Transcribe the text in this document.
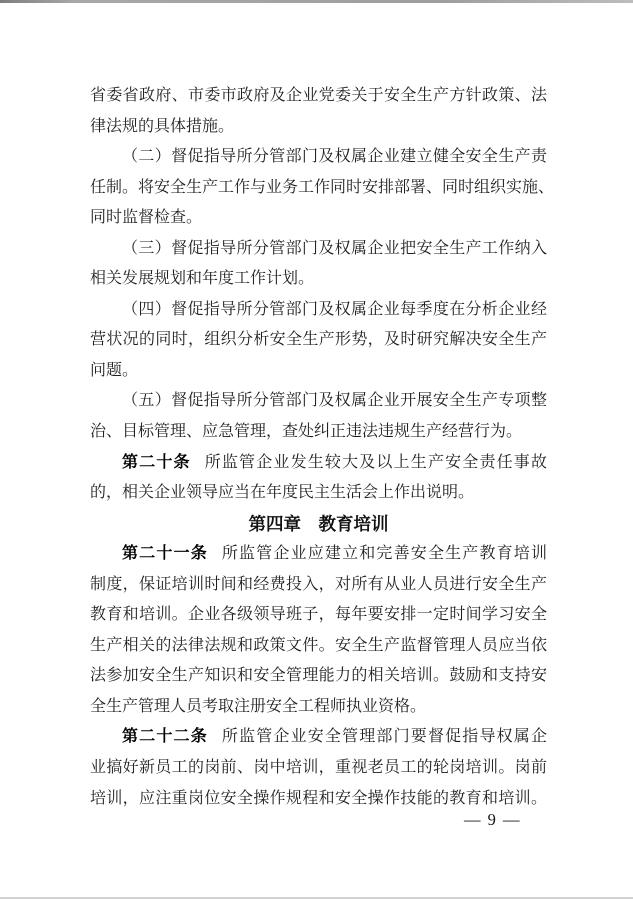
省委省政府、市委市政府及企业党委关于安全生产方针政策、法
律法规的具体措施。
（二）督促指导所分管部门及权属企业建立健全安全生产责
任制。将安全生产工作与业务工作同时安排部署、同时组织实施、
同时监督检查。
（三）督促指导所分管部门及权属企业把安全生产工作纳入
相关发展规划和年度工作计划。
（四）督促指导所分管部门及权属企业每季度在分析企业经
营状况的同时，组织分析安全生产形势，及时研究解决安全生产
问题。
（五）督促指导所分管部门及权属企业开展安全生产专项整
治、目标管理、应急管理，查处纠正违法违规生产经营行为。
第二十条 所监管企业发生较大及以上生产安全责任事故
的，相关企业领导应当在年度民主生活会上作出说明。
第四章　教育培训
第二十一条 所监管企业应建立和完善安全生产教育培训
制度，保证培训时间和经费投入，对所有从业人员进行安全生产
教育和培训。企业各级领导班子，每年要安排一定时间学习安全
生产相关的法律法规和政策文件。安全生产监督管理人员应当依
法参加安全生产知识和安全管理能力的相关培训。鼓励和支持安
全生产管理人员考取注册安全工程师执业资格。
第二十二条 所监管企业安全管理部门要督促指导权属企
业搞好新员工的岗前、岗中培训，重视老员工的轮岗培训。岗前
培训，应注重岗位安全操作规程和安全操作技能的教育和培训。
— 9 —
